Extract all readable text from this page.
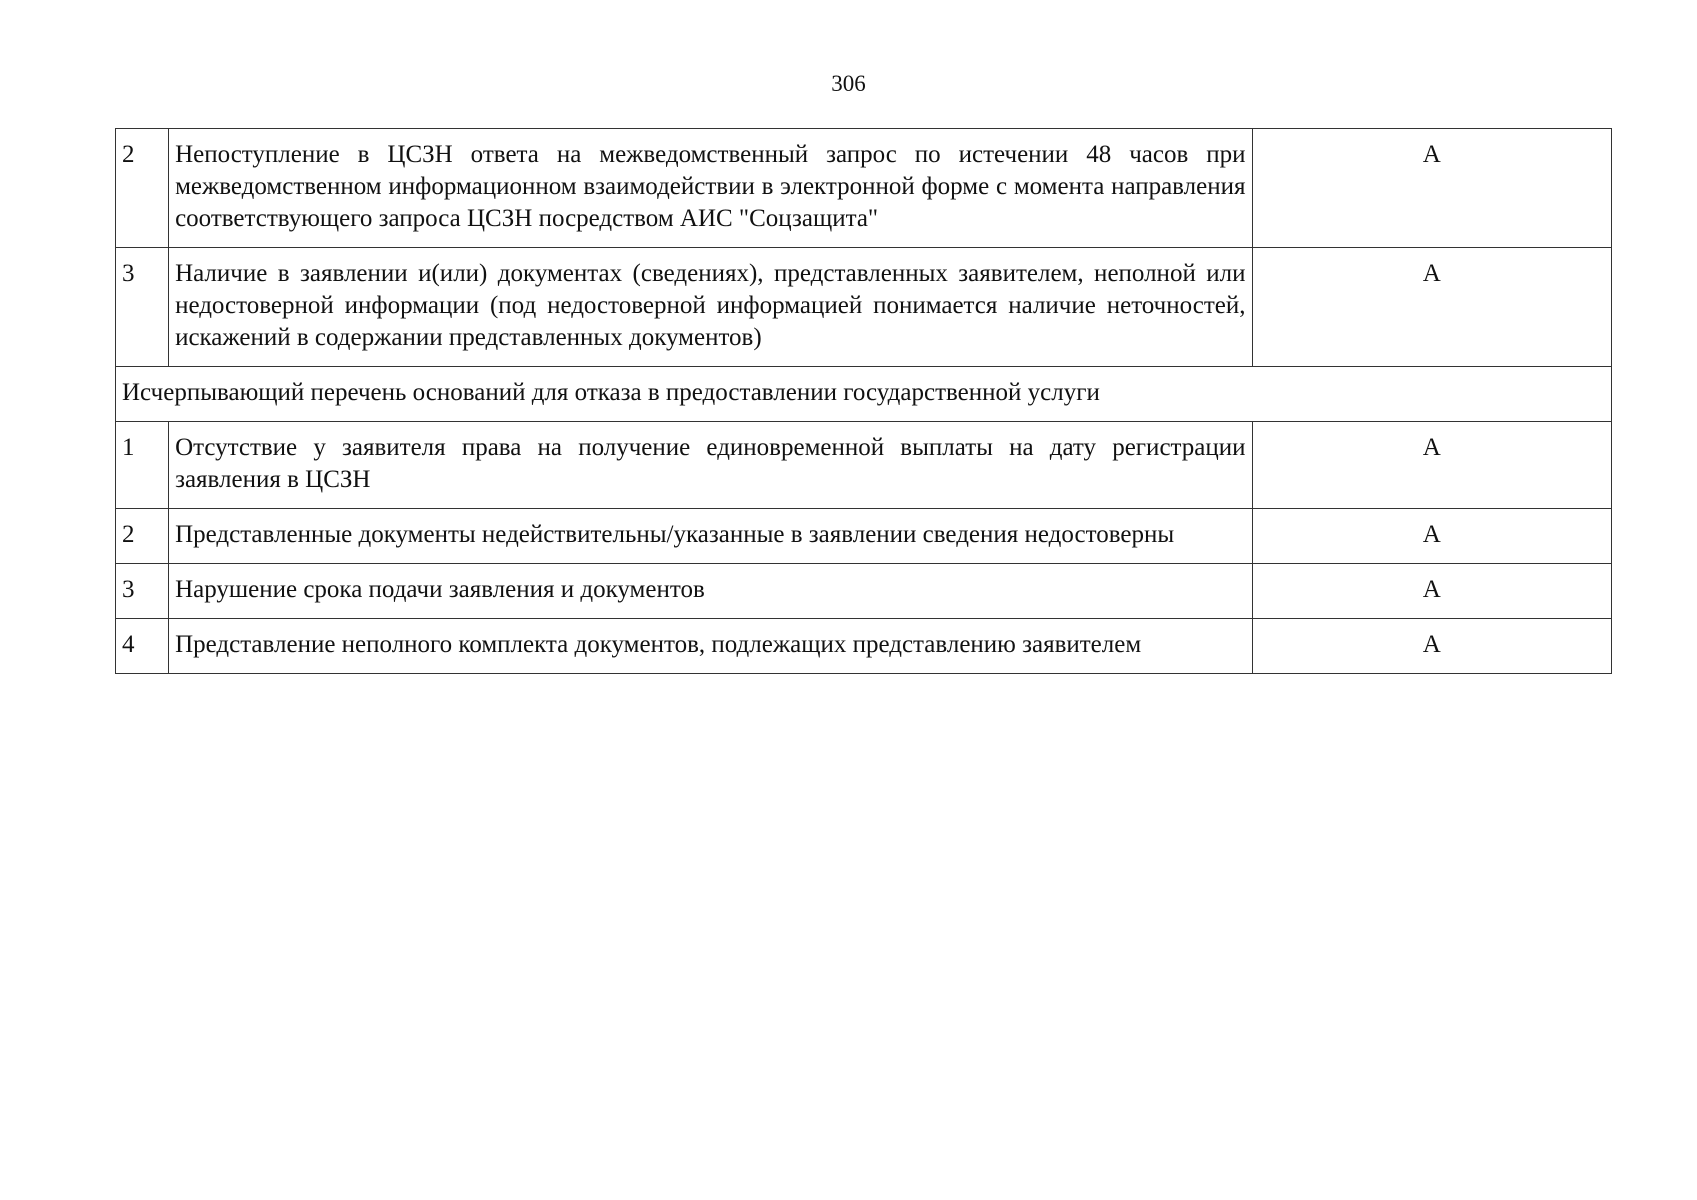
306
2	Непоступление в ЦСЗН ответа на межведомственный запрос по истечении 48 часов при межведомственном информационном взаимодействии в электронной форме с момента направления соответствующего запроса ЦСЗН посредством АИС "Соцзащита"	А
3	Наличие в заявлении и(или) документах (сведениях), представленных заявителем, неполной или недостоверной информации (под недостоверной информацией понимается наличие неточностей, искажений в содержании представленных документов)	А
Исчерпывающий перечень оснований для отказа в предоставлении государственной услуги		
1	Отсутствие у заявителя права на получение единовременной выплаты на дату регистрации заявления в ЦСЗН	А
2	Представленные документы недействительны/указанные в заявлении сведения недостоверны	А
3	Нарушение срока подачи заявления и документов	А
4	Представление неполного комплекта документов, подлежащих представлению заявителем	А
